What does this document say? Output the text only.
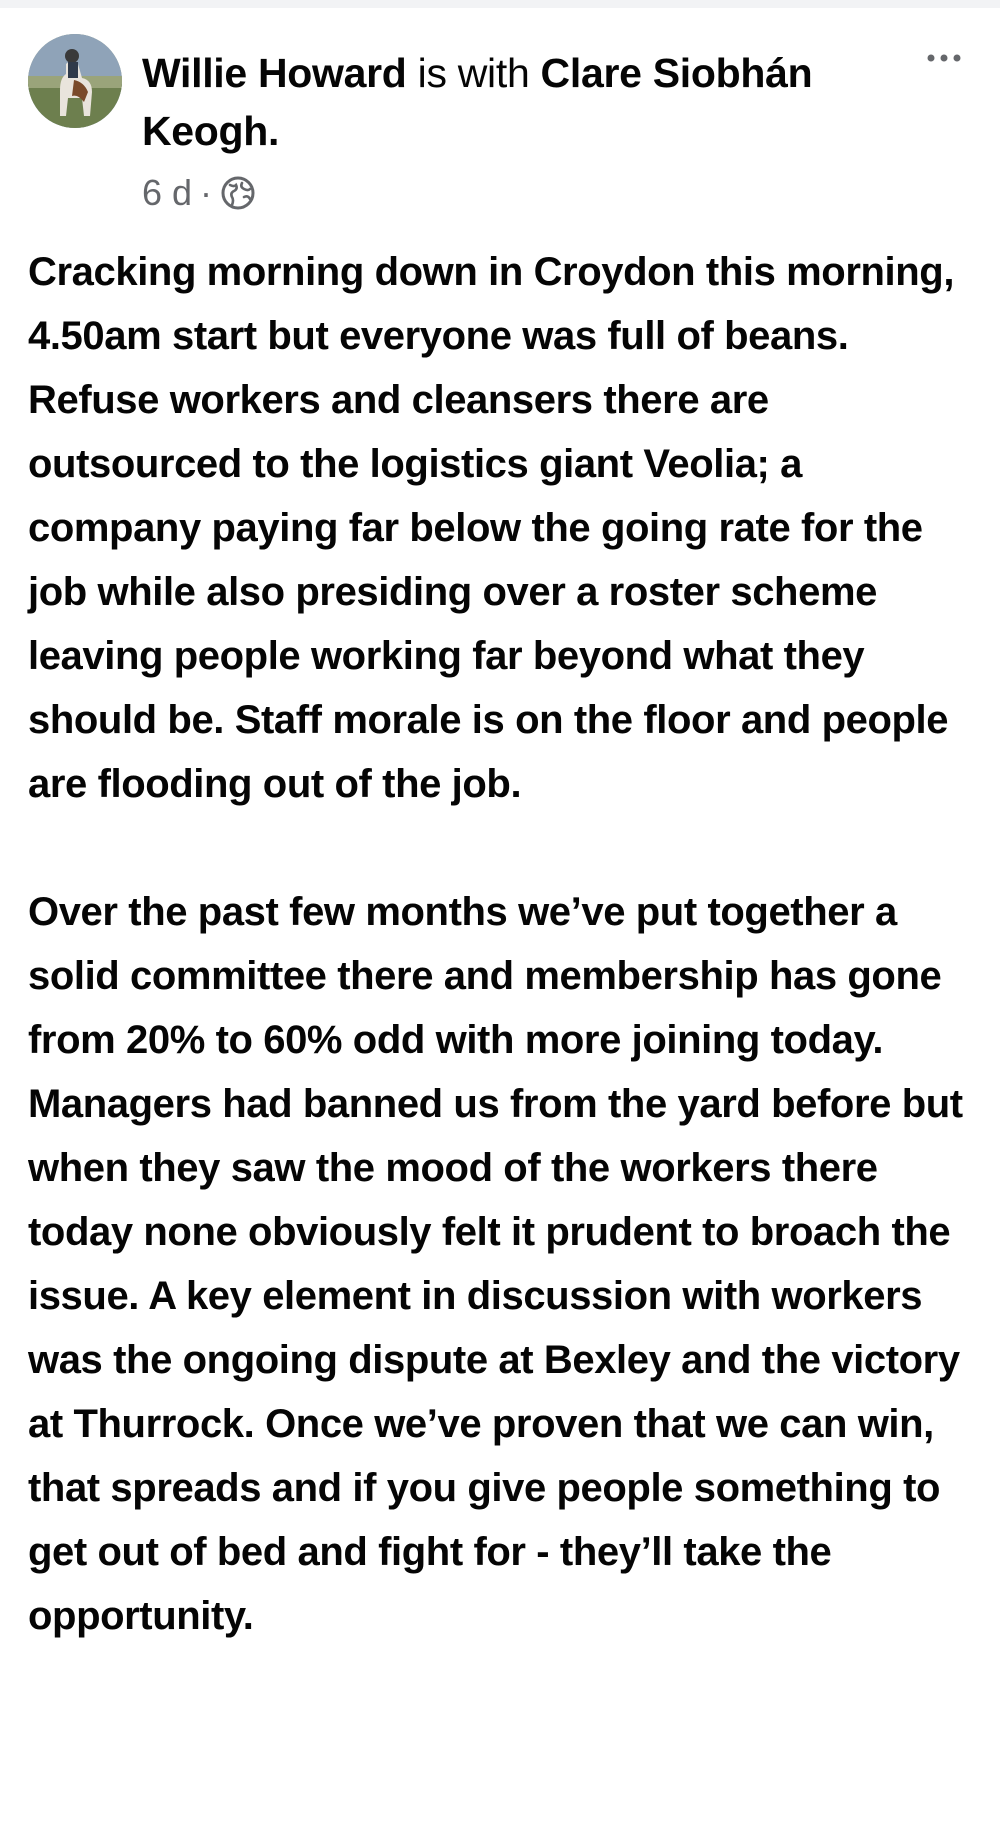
Willie Howard is with Clare Siobhán Keogh.
6 d ·

Cracking morning down in Croydon this morning, 4.50am start but everyone was full of beans. Refuse workers and cleansers there are outsourced to the logistics giant Veolia; a company paying far below the going rate for the job while also presiding over a roster scheme leaving people working far beyond what they should be. Staff morale is on the floor and people are flooding out of the job.

Over the past few months we’ve put together a solid committee there and membership has gone from 20% to 60% odd with more joining today. Managers had banned us from the yard before but when they saw the mood of the workers there today none obviously felt it prudent to broach the issue. A key element in discussion with workers was the ongoing dispute at Bexley and the victory at Thurrock. Once we’ve proven that we can win, that spreads and if you give people something to get out of bed and fight for - they’ll take the opportunity.
